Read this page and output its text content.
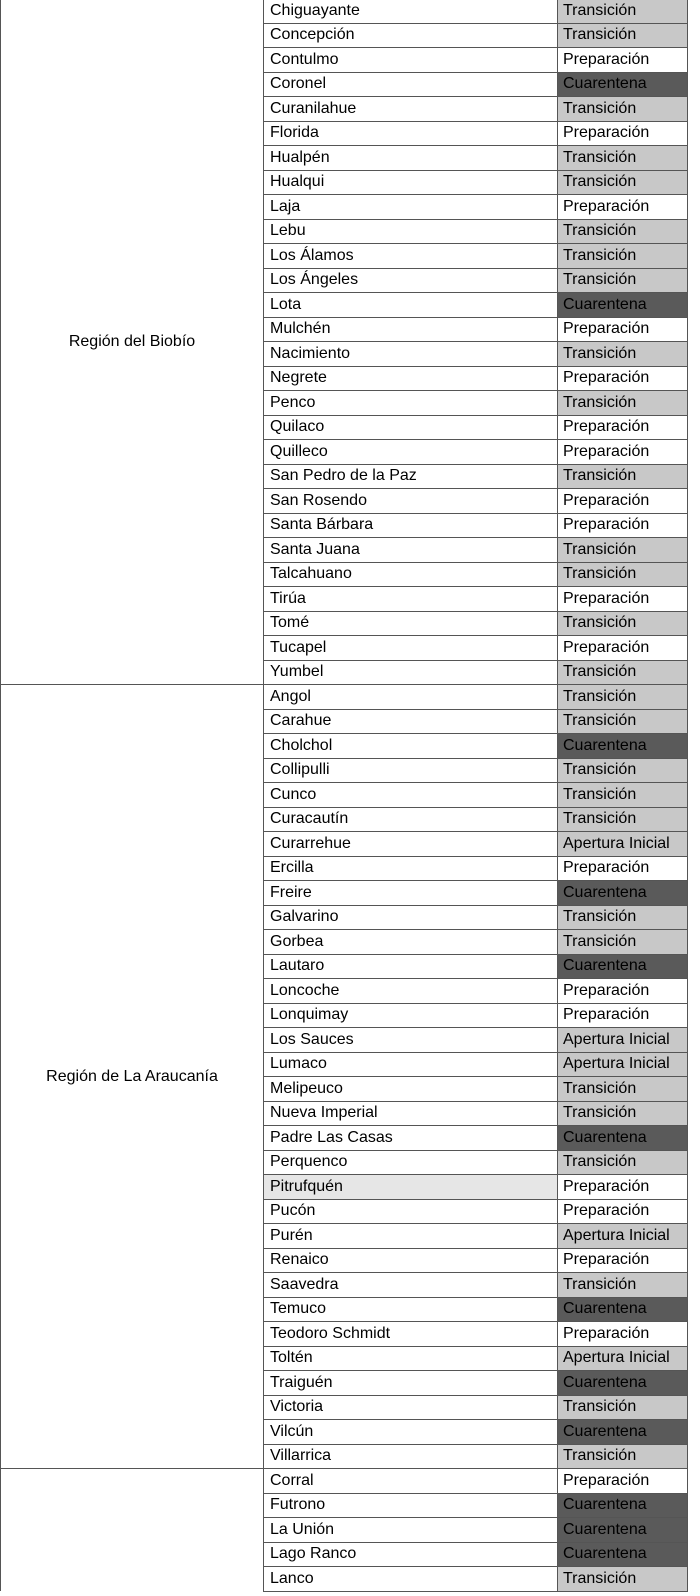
Región del Biobío	Chiguayante	Transición
	Concepción	Transición
	Contulmo	Preparación
	Coronel	Cuarentena
	Curanilahue	Transición
	Florida	Preparación
	Hualpén	Transición
	Hualqui	Transición
	Laja	Preparación
	Lebu	Transición
	Los Álamos	Transición
	Los Ángeles	Transición
	Lota	Cuarentena
	Mulchén	Preparación
	Nacimiento	Transición
	Negrete	Preparación
	Penco	Transición
	Quilaco	Preparación
	Quilleco	Preparación
	San Pedro de la Paz	Transición
	San Rosendo	Preparación
	Santa Bárbara	Preparación
	Santa Juana	Transición
	Talcahuano	Transición
	Tirúa	Preparación
	Tomé	Transición
	Tucapel	Preparación
	Yumbel	Transición
Región de La Araucanía	Angol	Transición
	Carahue	Transición
	Cholchol	Cuarentena
	Collipulli	Transición
	Cunco	Transición
	Curacautín	Transición
	Curarrehue	Apertura Inicial
	Ercilla	Preparación
	Freire	Cuarentena
	Galvarino	Transición
	Gorbea	Transición
	Lautaro	Cuarentena
	Loncoche	Preparación
	Lonquimay	Preparación
	Los Sauces	Apertura Inicial
	Lumaco	Apertura Inicial
	Melipeuco	Transición
	Nueva Imperial	Transición
	Padre Las Casas	Cuarentena
	Perquenco	Transición
	Pitrufquén	Preparación
	Pucón	Preparación
	Purén	Apertura Inicial
	Renaico	Preparación
	Saavedra	Transición
	Temuco	Cuarentena
	Teodoro Schmidt	Preparación
	Toltén	Apertura Inicial
	Traiguén	Cuarentena
	Victoria	Transición
	Vilcún	Cuarentena
	Villarrica	Transición
	Corral	Preparación
	Futrono	Cuarentena
	La Unión	Cuarentena
	Lago Ranco	Cuarentena
	Lanco	Transición
